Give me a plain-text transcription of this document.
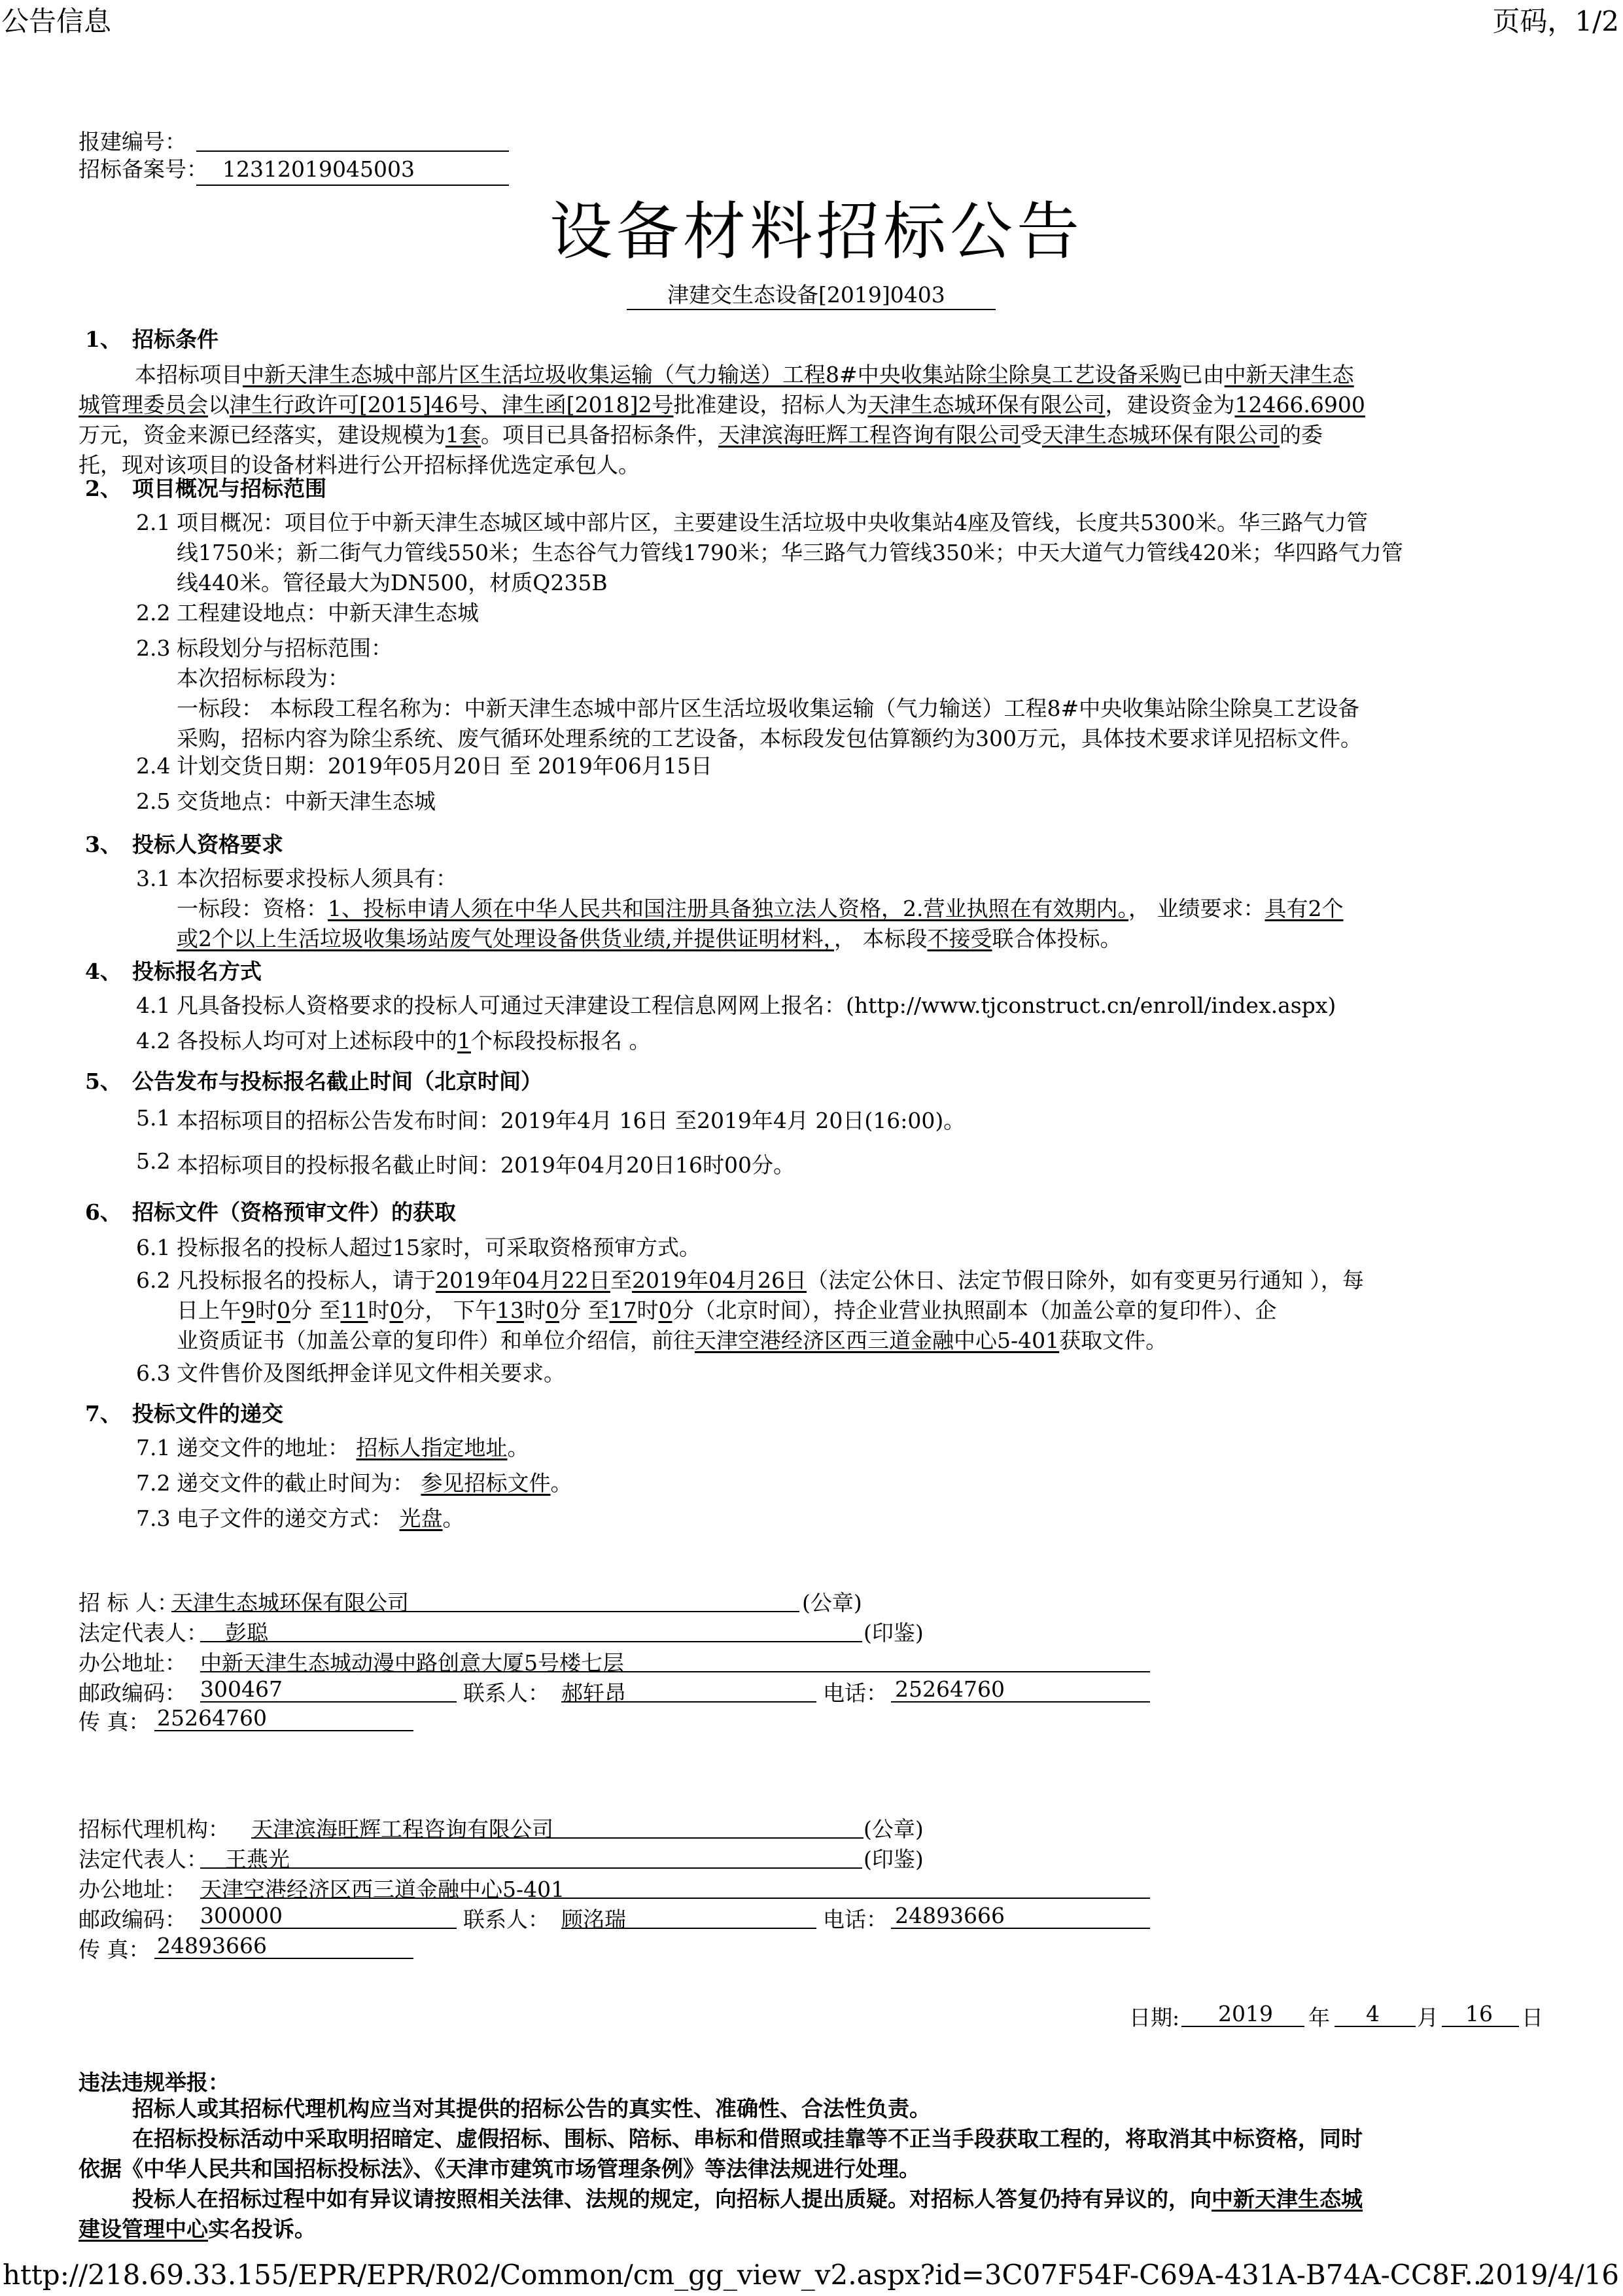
公告信息	页码，1/2
报建编号：
招标备案号： 12312019045003
设备材料招标公告
津建交生态设备[2019]0403
1、 招标条件
本招标项目中新天津生态城中部片区生活垃圾收集运输（气力输送）工程8#中央收集站除尘除臭工艺设备采购已由中新天津生态
城管理委员会以津生行政许可[2015]46号、津生函[2018]2号批准建设，招标人为天津生态城环保有限公司，建设资金为12466.6900
万元，资金来源已经落实，建设规模为1套。项目已具备招标条件，天津滨海旺辉工程咨询有限公司受天津生态城环保有限公司的委
托，现对该项目的设备材料进行公开招标择优选定承包人。
2、 项目概况与招标范围
2.1 项目概况：项目位于中新天津生态城区域中部片区，主要建设生活垃圾中央收集站4座及管线，长度共5300米。华三路气力管
线1750米；新二街气力管线550米；生态谷气力管线1790米；华三路气力管线350米；中天大道气力管线420米；华四路气力管
线440米。管径最大为DN500，材质Q235B
2.2 工程建设地点：中新天津生态城
2.3 标段划分与招标范围：
本次招标标段为：
一标段： 本标段工程名称为：中新天津生态城中部片区生活垃圾收集运输（气力输送）工程8#中央收集站除尘除臭工艺设备
采购，招标内容为除尘系统、废气循环处理系统的工艺设备，本标段发包估算额约为300万元，具体技术要求详见招标文件。
2.4 计划交货日期：2019年05月20日 至 2019年06月15日
2.5 交货地点：中新天津生态城
3、 投标人资格要求
3.1 本次招标要求投标人须具有：
一标段：资格：1、投标申请人须在中华人民共和国注册具备独立法人资格，2.营业执照在有效期内。， 业绩要求：具有2个
或2个以上生活垃圾收集场站废气处理设备供货业绩,并提供证明材料，， 本标段不接受联合体投标。
4、 投标报名方式
4.1 凡具备投标人资格要求的投标人可通过天津建设工程信息网网上报名：(http://www.tjconstruct.cn/enroll/index.aspx)
4.2 各投标人均可对上述标段中的1个标段投标报名 。
5、 公告发布与投标报名截止时间（北京时间）
5.1 本招标项目的招标公告发布时间：2019年4月 16日 至2019年4月 20日(16:00)。
5.2 本招标项目的投标报名截止时间：2019年04月20日16时00分。
6、 招标文件（资格预审文件）的获取
6.1 投标报名的投标人超过15家时，可采取资格预审方式。
6.2 凡投标报名的投标人，请于2019年04月22日至2019年04月26日（法定公休日、法定节假日除外，如有变更另行通知 ），每
日上午9时0分 至11时0分， 下午13时0分 至17时0分（北京时间），持企业营业执照副本（加盖公章的复印件）、企
业资质证书（加盖公章的复印件）和单位介绍信，前往天津空港经济区西三道金融中心5-401获取文件。
6.3 文件售价及图纸押金详见文件相关要求。
7、 投标文件的递交
7.1 递交文件的地址： 招标人指定地址。
7.2 递交文件的截止时间为： 参见招标文件。
7.3 电子文件的递交方式： 光盘。
招 标 人：
天津生态城环保有限公司	(公章)
法定代表人： 彭聪	(印鉴)
办公地址： 中新天津生态城动漫中路创意大厦5号楼七层
邮政编码： 300467	联系人： 郝轩昂	电话： 25264760
传 真： 25264760
招标代理机构： 天津滨海旺辉工程咨询有限公司	(公章)
法定代表人： 王燕光	(印鉴)
办公地址： 天津空港经济区西三道金融中心5-401
邮政编码： 300000	联系人： 顾洺瑞	电话： 24893666
传 真： 24893666
日期: 2019 年 4 月 16 日
违法违规举报：
招标人或其招标代理机构应当对其提供的招标公告的真实性、准确性、合法性负责。
在招标投标活动中采取明招暗定、虚假招标、围标、陪标、串标和借照或挂靠等不正当手段获取工程的，将取消其中标资格，同时
依据《中华人民共和国招标投标法》、《天津市建筑市场管理条例》等法律法规进行处理。
投标人在招标过程中如有异议请按照相关法律、法规的规定，向招标人提出质疑。对招标人答复仍持有异议的，向中新天津生态城
建设管理中心实名投诉。
http://218.69.33.155/EPR/EPR/R02/Common/cm_gg_view_v2.aspx?id=3C07F54F-C69A-431A-B74A-CC8F...
2019/4/16
